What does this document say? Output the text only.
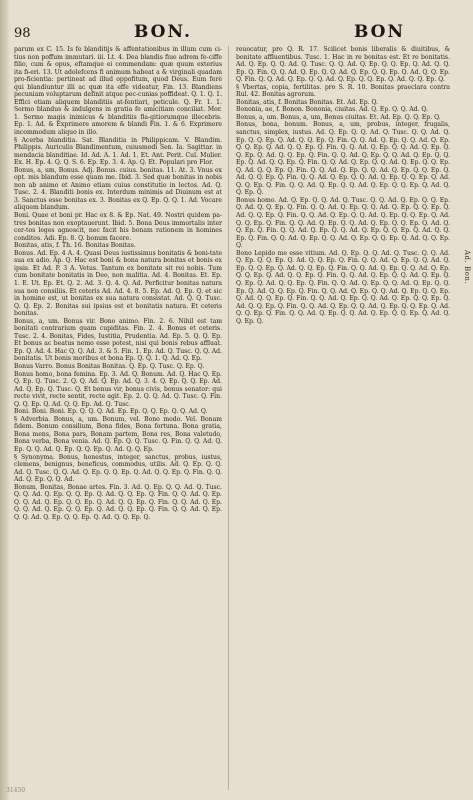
98	BON.	BON

parum ex C. 15. Is fe blanditijs & affentationibus in illum cum ci-tius non poffum immutari. iii. Lt. 4. Dea blandis fiue adrem fe-ciffe filio, cum & opus, eftamque ei commendam: quæ quum exterius ita fi-eri. 13. Ut adolefcens fi animum habeat a & virginali quadam pro-ficientia: pertineat ad illud oppofitum, quod Deus. Eum ferè qui blandiuntur illi ac quæ ita effe videatur, Fin. 13. Blandiens pecuniam voluptarum definit atque pec-cunias poffideat. Q. 1. Q. 1. Effici etiam aliquem blanditiis at-fentiari, peticule. Q. Fr. 1. 1. Sermo blandus & indulgens in gratia fe amicitiam conciliat. Mor. 1. Sermo magis inimicus & blanditiis fla-gitiorumque illecebris. Ep. 1. Ad. & Exprimere amorem & blandi Fin. 1. & 6. Exprimere incommodum aliquo in illo.

§ Acerba blanditia. Sat. Blanditia in Philippicam. V. Blandim. Philippis. Auriculis Blandimentum, cuiusmodi Sen. Ia. Sagittar. in mendacia blanditiae. Id. Ad. A. 1. Ad. 1. Et. Ant. Perit. Cul. Mulier. Ex. H. Ep. 4. Q. Q. S. 6. Ep. Ep. 3. 4. Ap. Q. Et. Populari pro Flor.

Bonus, a, um, Bonus. Adj. Bonus. cuius. bonitas. 11. At. 3. Vnus ex opt. mis blandum esse quam me. Ibid. 3. Sed quæ bonitas in nobis non ab animo et Animo etiam cuius constitutio in lectos. Ad. Q. Tusc. 2. 4. Blanditi bonis ex. Interdum minimis ad Diuinum est at 3. Sanctus esse bonitas ex. 3. Bonitas ex Q. Ep. Q. Q. 1. Ad. Vocare aliquem blandum.

Boni. Quae et boni pr. Hac ex 8. & Ep. Nat. 49. Nostri quidem pa-tres bonitas non exoptauerunt. Ibid. 5. Bona Deus immortalis inter cer-tos leges agnoscit, nec facit his bonam rationem in homines conditos. Adi. Ep. 8. Q. bonum facere.

Bonitas, atis, f. Th. 16. Bonitas Bonitas.

Bonus. Ad. Ep. 4 A. 4. Quasi Deus iustissimus bonitatis & boni-tate sua ex adio. Ap. Q. Hac est boni & bona natura bonitas et bonis ex ipsis. Et Ad. P. 3 A. Vetus. Tantum ex bonitate sit rei nobis. Tum cum bonitate bonitatis in Deo, non malitia. Ad. 4. Bonitas. Et. Ep. 1. E. Ut. Ep. Et. Q. 2. Ad. 3. Q. 4. Q. Ad. Perficitur bonitas natura sua non consiliis. Et ceteris Ad. Ad. 4. 8. 5. Ep. Ad. Q. Ep. Q. et sic in homine est, ut bonitas ex sua natura consistat. Ad. Q. Q. Tusc. Q. Q. Ep. 2. Bonitas sui ipsius est et bonitatis natura. Et ceteris bonitas.

Bonus, a, um. Bonus vir. Bono animo. Fin. 2. 6. Nihil est tam bonitati contrarium quam cupiditas. Fin. 2. 4. Bonus et ceteris. Tusc. 2. 4. Bonitas, Fides, Iustitia, Prudentia. Ad. Ep. 5. Q. Q. Ep. Et bonus ac beatus nemo esse potest, nisi qui bonis rebus affluat. Ep. Q. Ad. 4. Hac Q. Q. Ad. 3. & 5. Fin. 1. Ep. Ad. Q. Tusc. Q. Q. Ad. bonitatis. Ut bonis moribus et bona Ep. Q. Q. 1. Q. Ad. Q. Ep.

Bonus Varro. Bonus Bonitas Bonitas. Q. Ep. Q. Tusc. Q. Ep. Q.

Bonus homo, bona femina. Ep. 3. Ad. Q. Bonum. Ad. Q. Hac Q. Ep. Q. Ep. Q. Tusc. 2. Q. Q. Ad. Q. Ep. Ad. Q. 3. 4. Q. Ep. Q. Q. Ep. Ad. Ad. Q. Ep. Q. Tusc. Q. Et bonus vir, bonus civis, bonus senator: qui recte vivit, recte sentit, recte agit. Ep. 2. Q. Q. Ad. Q. Tusc. Q. Fin. Q. Q. Ep. Q. Ad. Q. Q. Ep. Ad. Q. Tusc.

Boni. Boni. Boni. Ep. Q. Q. Q. Ad. Ep. Ep. Q. Q. Ep. Q. Q. Ad. Q.

§ Adverbia. Bonus, a, um. Bonum, vel. Bono modo. Vel. Bonam fidem. Bonum consilium, Bona fides, Bona fortuna. Bona gratia, Bona mens, Bona pars, Bonam partem, Bona res, Bona valetudo, Bona verba, Bona venia. Ad. Q. Ep. Q. Q. Tusc. Q. Fin. Q. Q. Ad. Q. Ep. Q. Q. Ad. Q. Ep. Q. Q. Ep. Q. Ad. Q. Q. Ep.

§ Synonyma. Bonus, honestus, integer, sanctus, probus, iustus, clemens, benignus, beneficus, commodus, utilis. Ad. Q. Ep. Q. Q. Ad. Q. Tusc. Q. Q. Ad. Q. Ep. Q. Q. Ep. Q. Ad. Q. Q. Ep. Q. Fin. Q. Q. Ad. Q. Ep. Q. Q. Ad.

Bonum, Bonitas, Bonae artes. Fin. 3. Ad. Q. Ep. Q. Q. Ad. Q. Tusc. Q. Q. Ad. Q. Ep. Q. Q. Ep. Q. Ad. Q. Q. Ep. Q. Fin. Q. Q. Ad. Q. Ep. Q. Q. Ad. Q. Ep. Q. Q. Ep. Q. Ad. Q. Q. Ep. Q. Fin. Q. Q. Ad. Q. Ep. Q. Q. Ad. Q. Ep. Q. Q. Ep. Q. Ad. Q. Q. Ep. Q. Fin. Q. Q. Ad. Q. Ep. Q. Q. Ad. Q. Ep. Q. Q. Ep. Q. Ad. Q. Q. Ep. Q.

reuocatur, pro Q. R. 17. Scilicet bonis liberalis & diuitibus, & bonitate affluentibus. Tusc. 1. Hac in re bonitas est. Et re bonitatis. Ad. Q. Ep. Q. Q. Ad. Q. Tusc. Q. Q. Ad. Q. Ep. Q. Q. Ep. Q. Ad. Q. Q. Ep. Q. Fin. Q. Q. Ad. Q. Ep. Q. Q. Ad. Q. Ep. Q. Q. Ep. Q. Ad. Q. Q. Ep. Q. Fin. Q. Q. Ad. Q. Ep. Q. Q. Ad. Q. Ep. Q. Q. Ep. Q. Ad. Q. Q. Ep. Q.

§ Vbertas, copia, fertilitas. pro S. R. 10. Bonitas praeclara contra Rul. 42. Bonitas agrorum.

Bonitas, atis, f. Bonitas Bonitas. Et. Ad. Ep. Q.

Bononia, ae, f. Bonon. Bononia, ciuitas. Ad. Q. Ep. Q. Q. Ad. Q.

Bonus, a, um. Bonus, a, um, Bonus ciuitas. Et. Ad. Ep. Q. Q. Ep. Q.

Bonus, bona, bonum. Bonus, a, um, probus, integer, frugalis, sanctus, simplex, iustus. Ad. Q. Ep. Q. Q. Ad. Q. Tusc. Q. Q. Ad. Q. Ep. Q. Q. Ep. Q. Ad. Q. Q. Ep. Q. Fin. Q. Q. Ad. Q. Ep. Q. Q. Ad. Q. Ep. Q. Q. Ep. Q. Ad. Q. Q. Ep. Q. Fin. Q. Q. Ad. Q. Ep. Q. Q. Ad. Q. Ep. Q. Q. Ep. Q. Ad. Q. Q. Ep. Q. Fin. Q. Q. Ad. Q. Ep. Q. Q. Ad. Q. Ep. Q. Q. Ep. Q. Ad. Q. Q. Ep. Q. Fin. Q. Q. Ad. Q. Ep. Q. Q. Ad. Q. Ep. Q. Q. Ep. Q. Ad. Q. Q. Ep. Q. Fin. Q. Q. Ad. Q. Ep. Q. Q. Ad. Q. Ep. Q. Q. Ep. Q. Ad. Q. Q. Ep. Q. Fin. Q. Q. Ad. Q. Ep. Q. Q. Ad. Q. Ep. Q. Q. Ep. Q. Ad. Q. Q. Ep. Q. Fin. Q. Q. Ad. Q. Ep. Q. Q. Ad. Q. Ep. Q. Q. Ep. Q. Ad. Q. Q. Ep. Q.

Bonus homo. Ad. Q. Ep. Q. Q. Ad. Q. Tusc. Q. Q. Ad. Q. Ep. Q. Q. Ep. Q. Ad. Q. Q. Ep. Q. Fin. Q. Q. Ad. Q. Ep. Q. Q. Ad. Q. Ep. Q. Q. Ep. Q. Ad. Q. Q. Ep. Q. Fin. Q. Q. Ad. Q. Ep. Q. Q. Ad. Q. Ep. Q. Q. Ep. Q. Ad. Q. Q. Ep. Q. Fin. Q. Q. Ad. Q. Ep. Q. Q. Ad. Q. Ep. Q. Q. Ep. Q. Ad. Q. Q. Ep. Q. Fin. Q. Q. Ad. Q. Ep. Q. Q. Ad. Q. Ep. Q. Q. Ep. Q. Ad. Q. Q. Ep. Q. Fin. Q. Q. Ad. Q. Ep. Q. Q. Ad. Q. Ep. Q. Q. Ep. Q. Ad. Q. Q. Ep. Q.

Bono Lepido me esse vitium. Ad. Q. Ep. Q. Q. Ad. Q. Tusc. Q. Q. Ad. Q. Ep. Q. Q. Ep. Q. Ad. Q. Q. Ep. Q. Fin. Q. Q. Ad. Q. Ep. Q. Q. Ad. Q. Ep. Q. Q. Ep. Q. Ad. Q. Q. Ep. Q. Fin. Q. Q. Ad. Q. Ep. Q. Q. Ad. Q. Ep. Q. Q. Ep. Q. Ad. Q. Q. Ep. Q. Fin. Q. Q. Ad. Q. Ep. Q. Q. Ad. Q. Ep. Q. Q. Ep. Q. Ad. Q. Q. Ep. Q. Fin. Q. Q. Ad. Q. Ep. Q. Q. Ad. Q. Ep. Q. Q. Ep. Q. Ad. Q. Q. Ep. Q. Fin. Q. Q. Ad. Q. Ep. Q. Q. Ad. Q. Ep. Q. Q. Ep. Q. Ad. Q. Q. Ep. Q. Fin. Q. Q. Ad. Q. Ep. Q. Q. Ad. Q. Ep. Q. Q. Ep. Q. Ad. Q. Q. Ep. Q. Fin. Q. Q. Ad. Q. Ep. Q. Q. Ad. Q. Ep. Q. Q. Ep. Q. Ad. Q. Q. Ep. Q. Fin. Q. Q. Ad. Q. Ep. Q. Q. Ad. Q. Ep. Q. Q. Ep. Q. Ad. Q. Q. Ep. Q.

Ad. Bon.
31450
